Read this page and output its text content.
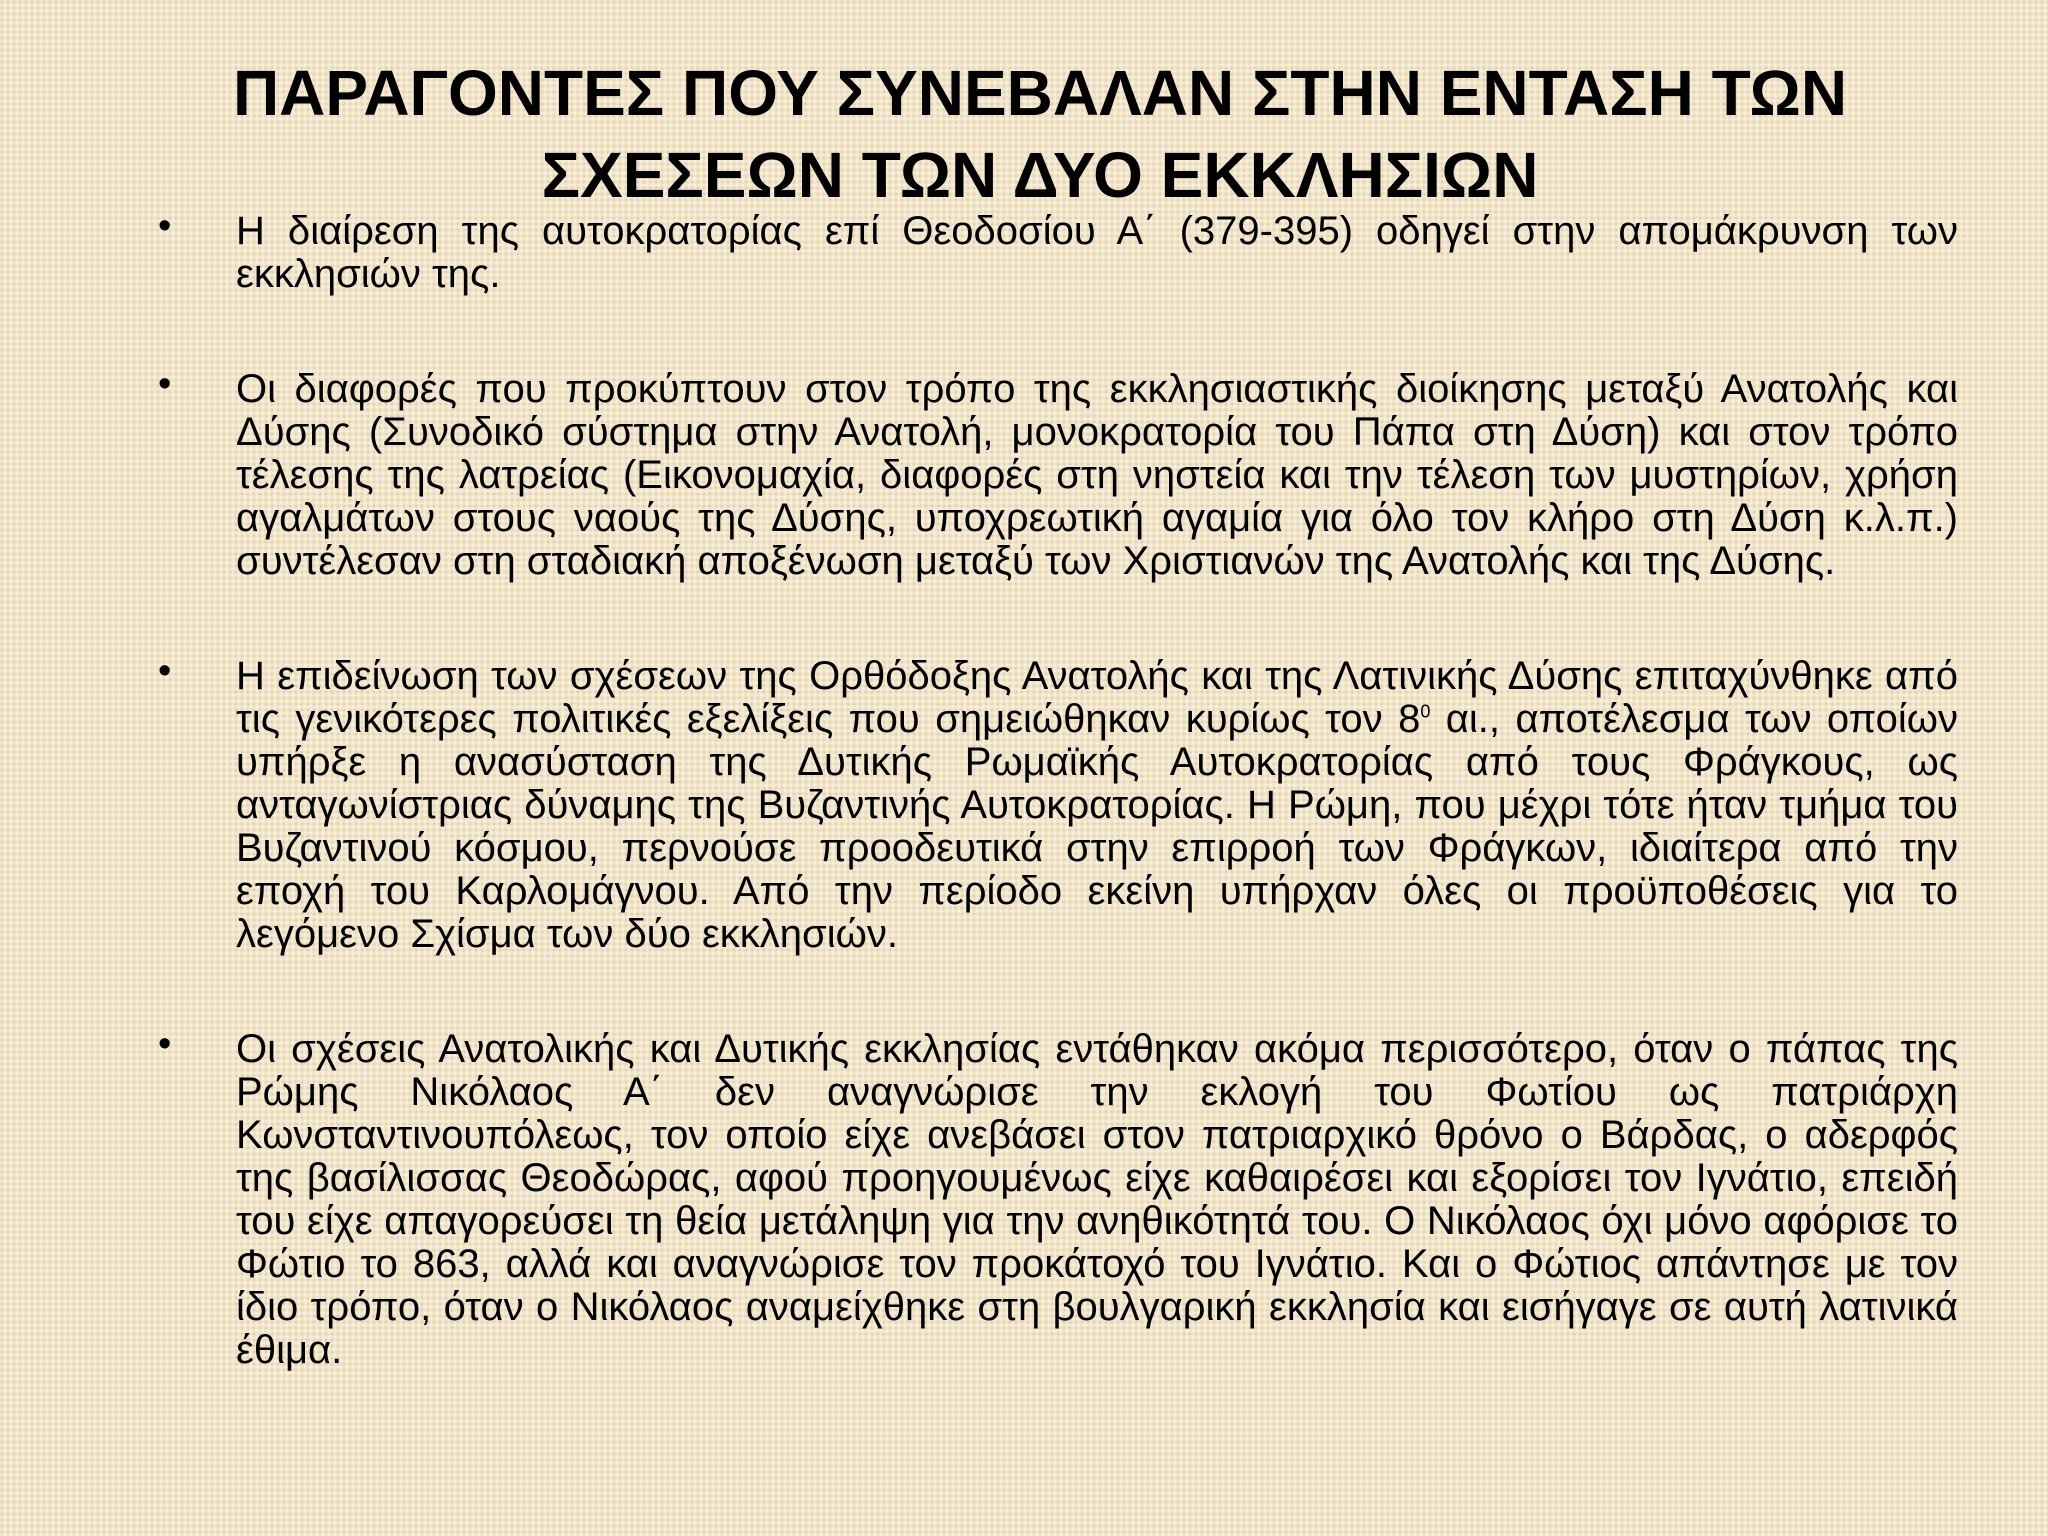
ΠΑΡΑΓΟΝΤΕΣ ΠΟΥ ΣΥΝΕΒΑΛΑΝ ΣΤΗΝ ΕΝΤΑΣΗ ΤΩΝ
ΣΧΕΣΕΩΝ ΤΩΝ ΔΥΟ ΕΚΚΛΗΣΙΩΝ
• Η διαίρεση της αυτοκρατορίας επί Θεοδοσίου Α΄ (379-395) οδηγεί στην απομάκρυνση των εκκλησιών της.
• Οι διαφορές που προκύπτουν στον τρόπο της εκκλησιαστικής διοίκησης μεταξύ Ανατολής και Δύσης (Συνοδικό σύστημα στην Ανατολή, μονοκρατορία του Πάπα στη Δύση) και στον τρόπο τέλεσης της λατρείας (Εικονομαχία, διαφορές στη νηστεία και την τέλεση των μυστηρίων, χρήση αγαλμάτων στους ναούς της Δύσης, υποχρεωτική αγαμία για όλο τον κλήρο στη Δύση κ.λ.π.) συντέλεσαν στη σταδιακή αποξένωση μεταξύ των Χριστιανών της Ανατολής και της Δύσης.
• Η επιδείνωση των σχέσεων της Ορθόδοξης Ανατολής και της Λατινικής Δύσης επιταχύνθηκε από τις γενικότερες πολιτικές εξελίξεις που σημειώθηκαν κυρίως τον $8^0$ αι., αποτέλεσμα των οποίων υπήρξε η ανασύσταση της Δυτικής Ρωμαϊκής Αυτοκρατορίας από τους Φράγκους, ως ανταγωνίστριας δύναμης της Βυζαντινής Αυτοκρατορίας. Η Ρώμη, που μέχρι τότε ήταν τμήμα του Βυζαντινού κόσμου, περνούσε προοδευτικά στην επιρροή των Φράγκων, ιδιαίτερα από την εποχή του Καρλομάγνου. Από την περίοδο εκείνη υπήρχαν όλες οι προϋποθέσεις για το λεγόμενο Σχίσμα των δύο εκκλησιών.
• Οι σχέσεις Ανατολικής και Δυτικής εκκλησίας εντάθηκαν ακόμα περισσότερο, όταν ο πάπας της Ρώμης Νικόλαος Α΄ δεν αναγνώρισε την εκλογή του Φωτίου ως πατριάρχη Κωνσταντινουπόλεως, τον οποίο είχε ανεβάσει στον πατριαρχικό θρόνο ο Βάρδας, ο αδερφός της βασίλισσας Θεοδώρας, αφού προηγουμένως είχε καθαιρέσει και εξορίσει τον Ιγνάτιο, επειδή του είχε απαγορεύσει τη θεία μετάληψη για την ανηθικότητά του. Ο Νικόλαος όχι μόνο αφόρισε το Φώτιο το 863, αλλά και αναγνώρισε τον προκάτοχό του Ιγνάτιο. Και ο Φώτιος απάντησε με τον ίδιο τρόπο, όταν ο Νικόλαος αναμείχθηκε στη βουλγαρική εκκλησία και εισήγαγε σε αυτή λατινικά έθιμα.
